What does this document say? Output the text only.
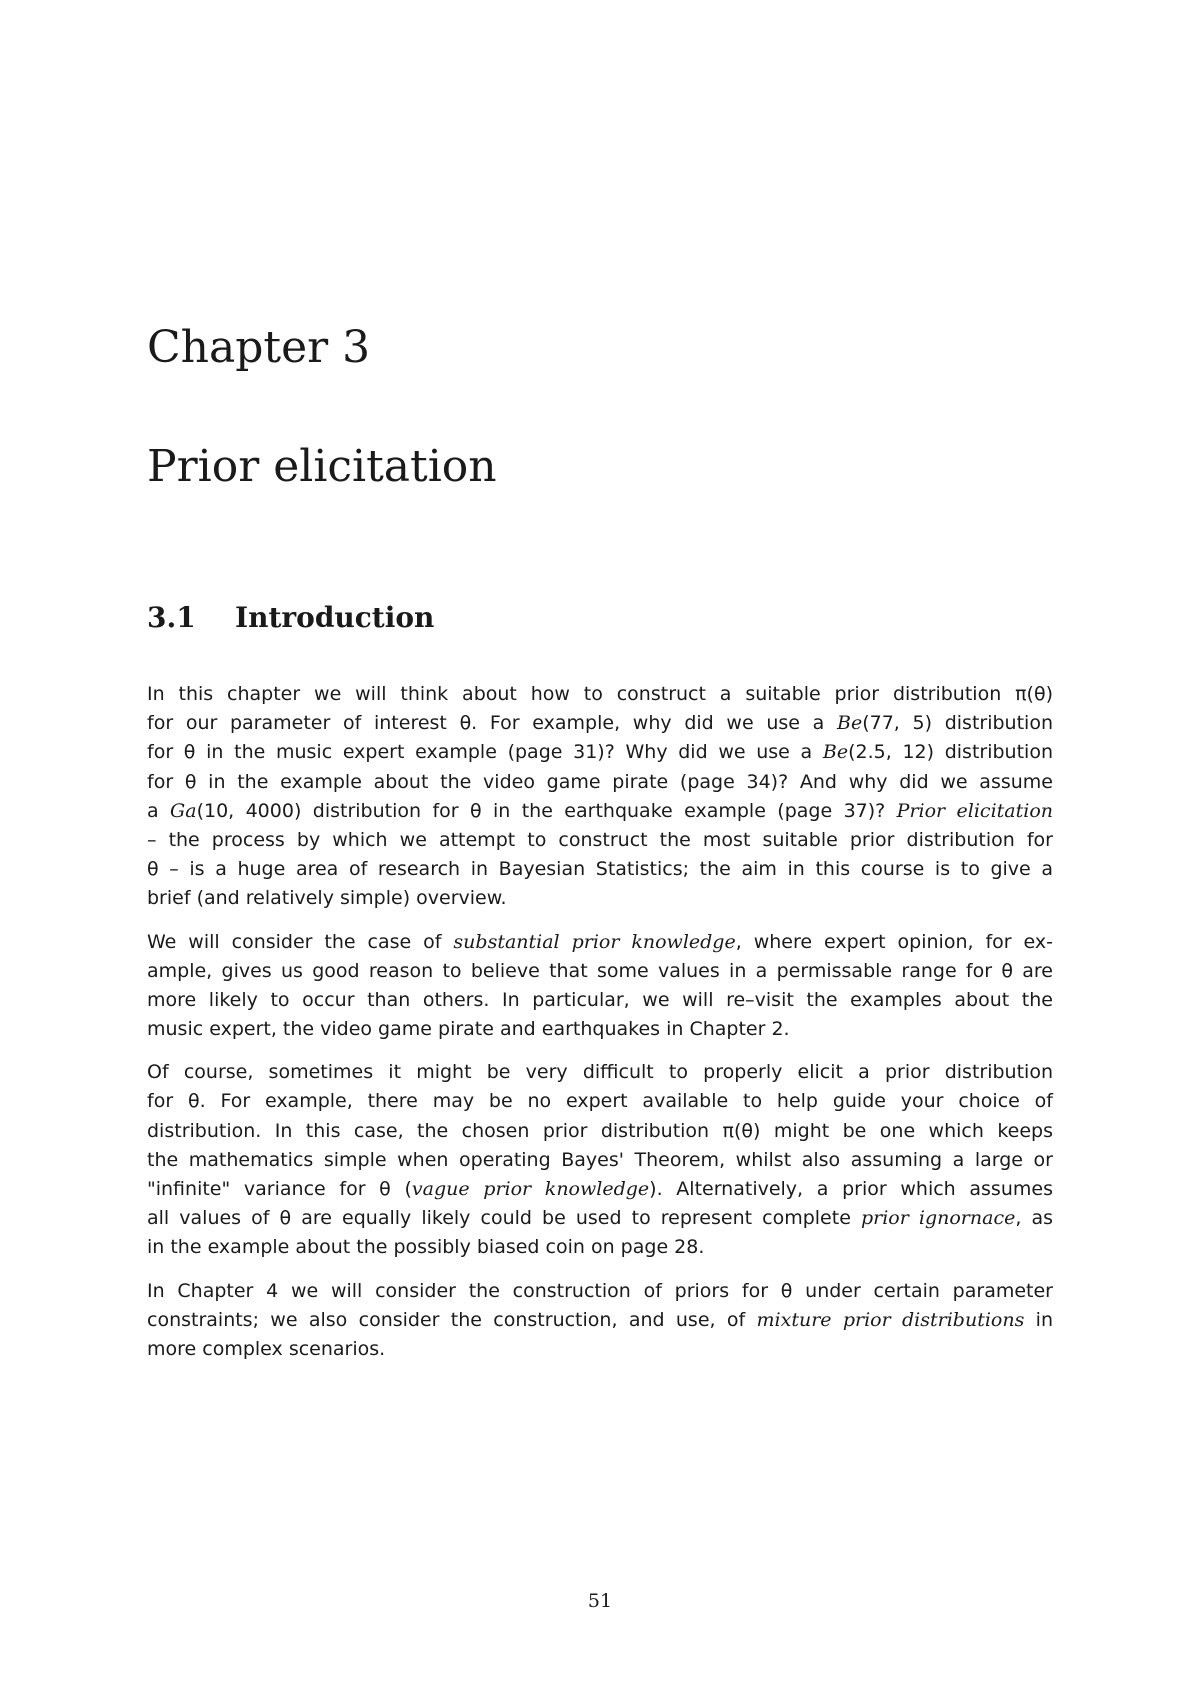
Chapter 3
Prior elicitation
3.1 Introduction

In this chapter we will think about how to construct a suitable prior distribution π(θ)
for our parameter of interest θ. For example, why did we use a Be(77, 5) distribution
for θ in the music expert example (page 31)? Why did we use a Be(2.5, 12) distribution
for θ in the example about the video game pirate (page 34)? And why did we assume
a Ga(10, 4000) distribution for θ in the earthquake example (page 37)? Prior elicitation
– the process by which we attempt to construct the most suitable prior distribution for
θ – is a huge area of research in Bayesian Statistics; the aim in this course is to give a
brief (and relatively simple) overview.

We will consider the case of substantial prior knowledge, where expert opinion, for ex-
ample, gives us good reason to believe that some values in a permissable range for θ are
more likely to occur than others. In particular, we will re–visit the examples about the
music expert, the video game pirate and earthquakes in Chapter 2.

Of course, sometimes it might be very difficult to properly elicit a prior distribution
for θ. For example, there may be no expert available to help guide your choice of
distribution. In this case, the chosen prior distribution π(θ) might be one which keeps
the mathematics simple when operating Bayes' Theorem, whilst also assuming a large or
"infinite" variance for θ (vague prior knowledge). Alternatively, a prior which assumes
all values of θ are equally likely could be used to represent complete prior ignornace, as
in the example about the possibly biased coin on page 28.

In Chapter 4 we will consider the construction of priors for θ under certain parameter
constraints; we also consider the construction, and use, of mixture prior distributions in
more complex scenarios.

51
